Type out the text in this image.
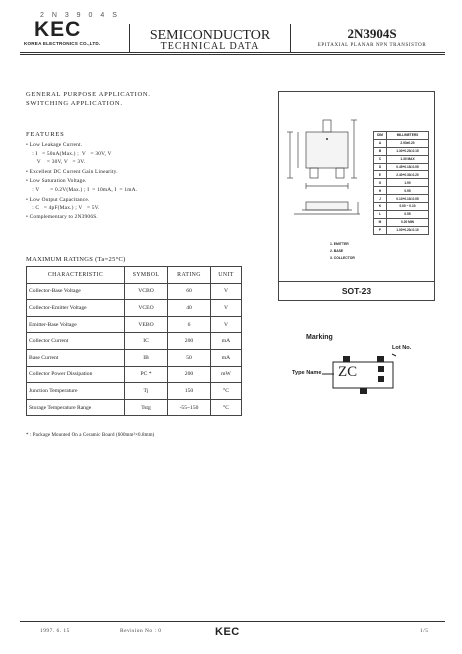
2 N 3 9 0 4 S
KEC
KOREA ELECTRONICS CO.,LTD.
SEMICONDUCTOR
TECHNICAL DATA
2N3904S
EPITAXIAL PLANAR NPN TRANSISTOR
GENERAL PURPOSE APPLICATION.
SWITCHING APPLICATION.
FEATURES
• Low Leakage Current.
: I   = 50nA(Max.) ;  V   = 30V, V
V    = 30V, V   = 3V.
• Excellent DC Current Gain Linearity.
• Low Saturation Voltage.
: V       = 0.2V(Max.) ; I  = 10mA, I  = 1mA.
• Low Output Capacitance.
: C   = 4pF(Max.) ; V   = 5V.
• Complementary to 2N3906S.
MAXIMUM RATINGS (Ta=25°C)
CHARACTERISTIC	SYMBOL	RATING	UNIT
Collector-Base Voltage	VCBO	60	V
Collector-Emitter Voltage	VCEO	40	V
Emitter-Base Voltage	VEBO	6	V
Collector Current	IC	200	mA
Base Current	IB	50	mA
Collector Power Dissipation	PC *	200	mW
Junction Temperature	Tj	150	°C
Storage Temperature Range	Tstg	-55~150	°C
* : Package Mounted On a Ceramic Board (600mm²×0.8mm)
DIM	MILLIMETERS
A	2.93±0.20
B	1.30+0.20/-0.15
C	1.30 MAX
D	0.45+0.15/-0.05
E	2.40+0.30/-0.20
G	1.90
H	0.95
J	0.13+0.10/-0.05
K	0.00 ~ 0.10
L	0.55
M	0.20 MIN
P	1.00+0.20/-0.10
1. EMITTER
2. BASE
3. COLLECTOR
SOT-23
Marking
Lot No.
Type Name ZC
1997. 6. 15	Revision No : 0	KEC	1/5
